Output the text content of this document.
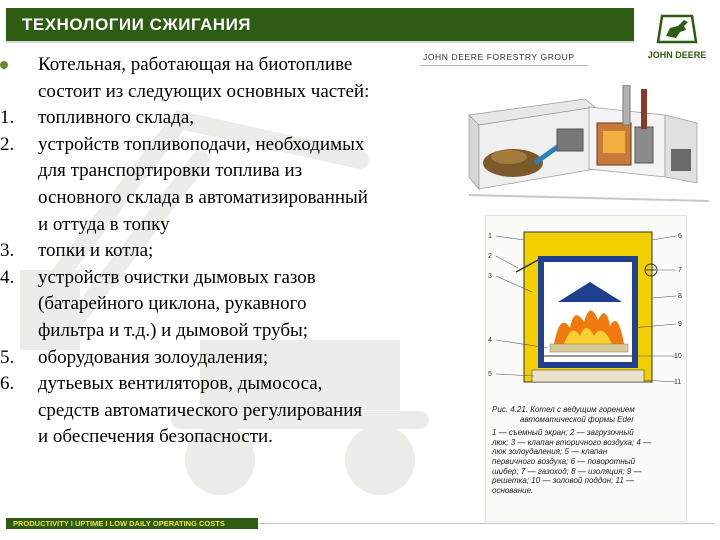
ТЕХНОЛОГИИ СЖИГАНИЯ
JOHN DEERE
JOHN DEERE FORESTRY GROUP
Котельная, работающая на биотопливе
состоит из следующих основных частей:
1.	топливного склада,
2.	устройств топливоподачи, необходимых
для транспортировки топлива из
основного склада в автоматизированный
и оттуда в топку
3.	топки и котла;
4.	устройств очистки дымовых газов
(батарейного циклона, рукавного
фильтра и т.д.) и дымовой трубы;
5.	оборудования золоудаления;
6.	дутьевых вентиляторов, дымососа,
средств автоматического регулирования
и обеспечения безопасности.
1
2
3
4
5
6
7
8
9
10
11
Рис. 4.21. Котел с ведущим горением
автоматической формы Eder
1 — съемный экран; 2 — загрузочный
люк; 3 — клапан вторичного воздуха; 4 —
люк золоудаления; 5 — клапан
первичного воздуха; 6 — поворотный
шибер; 7 — газоход; 8 — изоляция; 9 —
решетка; 10 — золовой поддон; 11 —
основание.
PRODUCTIVITY I UPTIME I LOW DAILY OPERATING COSTS
